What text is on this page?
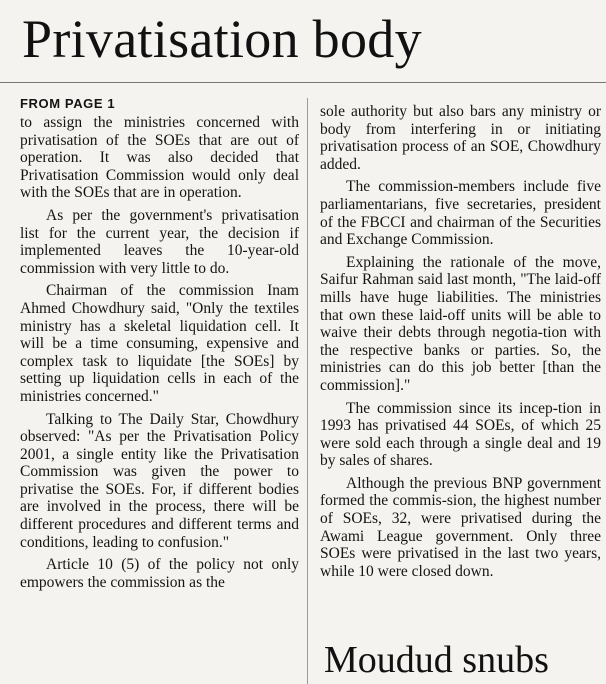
Privatisation body
FROM PAGE 1

to assign the ministries concerned with privatisation of the SOEs that are out of operation. It was also decided that Privatisation Commission would only deal with the SOEs that are in operation.

As per the government's privatisation list for the current year, the decision if implemented leaves the 10-year-old commission with very little to do.

Chairman of the commission Inam Ahmed Chowdhury said, "Only the textiles ministry has a skeletal liquidation cell. It will be a time consuming, expensive and complex task to liquidate [the SOEs] by setting up liquidation cells in each of the ministries concerned."

Talking to The Daily Star, Chowdhury observed: "As per the Privatisation Policy 2001, a single entity like the Privatisation Commission was given the power to privatise the SOEs. For, if different bodies are involved in the process, there will be different procedures and different terms and conditions, leading to confusion."

Article 10 (5) of the policy not only empowers the commission as the

sole authority but also bars any ministry or body from interfering in or initiating privatisation process of an SOE, Chowdhury added.

The commission-members include five parliamentarians, five secretaries, president of the FBCCI and chairman of the Securities and Exchange Commission.

Explaining the rationale of the move, Saifur Rahman said last month, "The laid-off mills have huge liabilities. The ministries that own these laid-off units will be able to waive their debts through negotia-tion with the respective banks or parties. So, the ministries can do this job better [than the commission]."

The commission since its incep-tion in 1993 has privatised 44 SOEs, of which 25 were sold each through a single deal and 19 by sales of shares.

Although the previous BNP government formed the commis-sion, the highest number of SOEs, 32, were privatised during the Awami League government. Only three SOEs were privatised in the last two years, while 10 were closed down.

Moudud snubs
